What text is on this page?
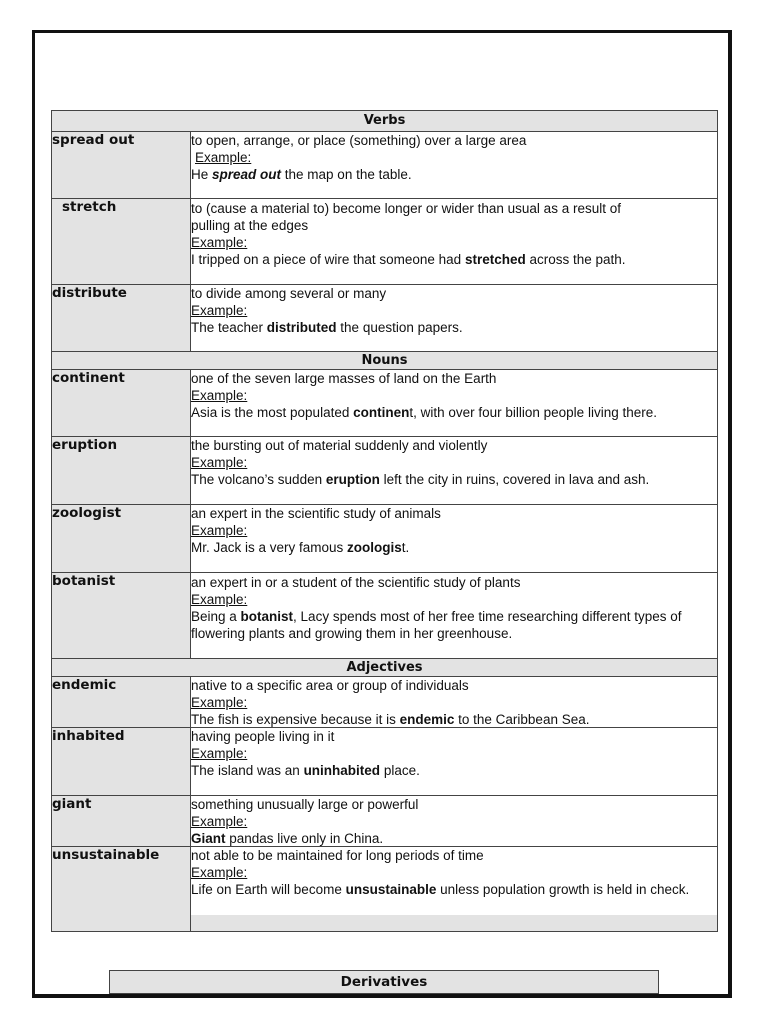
Verbs	
spread out	to open, arrange, or place (something) over a large area
Example:
He spread out the map on the table.

stretch	to (cause a material to) become longer or wider than usual as a result of pulling at the edges
Example:
I tripped on a piece of wire that someone had stretched across the path.

distribute	to divide among several or many
Example:
The teacher distributed the question papers.

Nouns	
continent	one of the seven large masses of land on the Earth
Example:
Asia is the most populated continent, with over four billion people living there.

eruption	the bursting out of material suddenly and violently
Example:
The volcano’s sudden eruption left the city in ruins, covered in lava and ash.

zoologist	an expert in the scientific study of animals
Example:
Mr. Jack is a very famous zoologist.

botanist	an expert in or a student of the scientific study of plants
Example:
Being a botanist, Lacy spends most of her free time researching different types of flowering plants and growing them in her greenhouse.

Adjectives	
endemic	native to a specific area or group of individuals
Example:
The fish is expensive because it is endemic to the Caribbean Sea.

inhabited	having people living in it
Example:
The island was an uninhabited place.

giant	something unusually large or powerful
Example:
Giant pandas live only in China.

unsustainable	not able to be maintained for long periods of time
Example:
Life on Earth will become unsustainable unless population growth is held in check.
Derivatives
